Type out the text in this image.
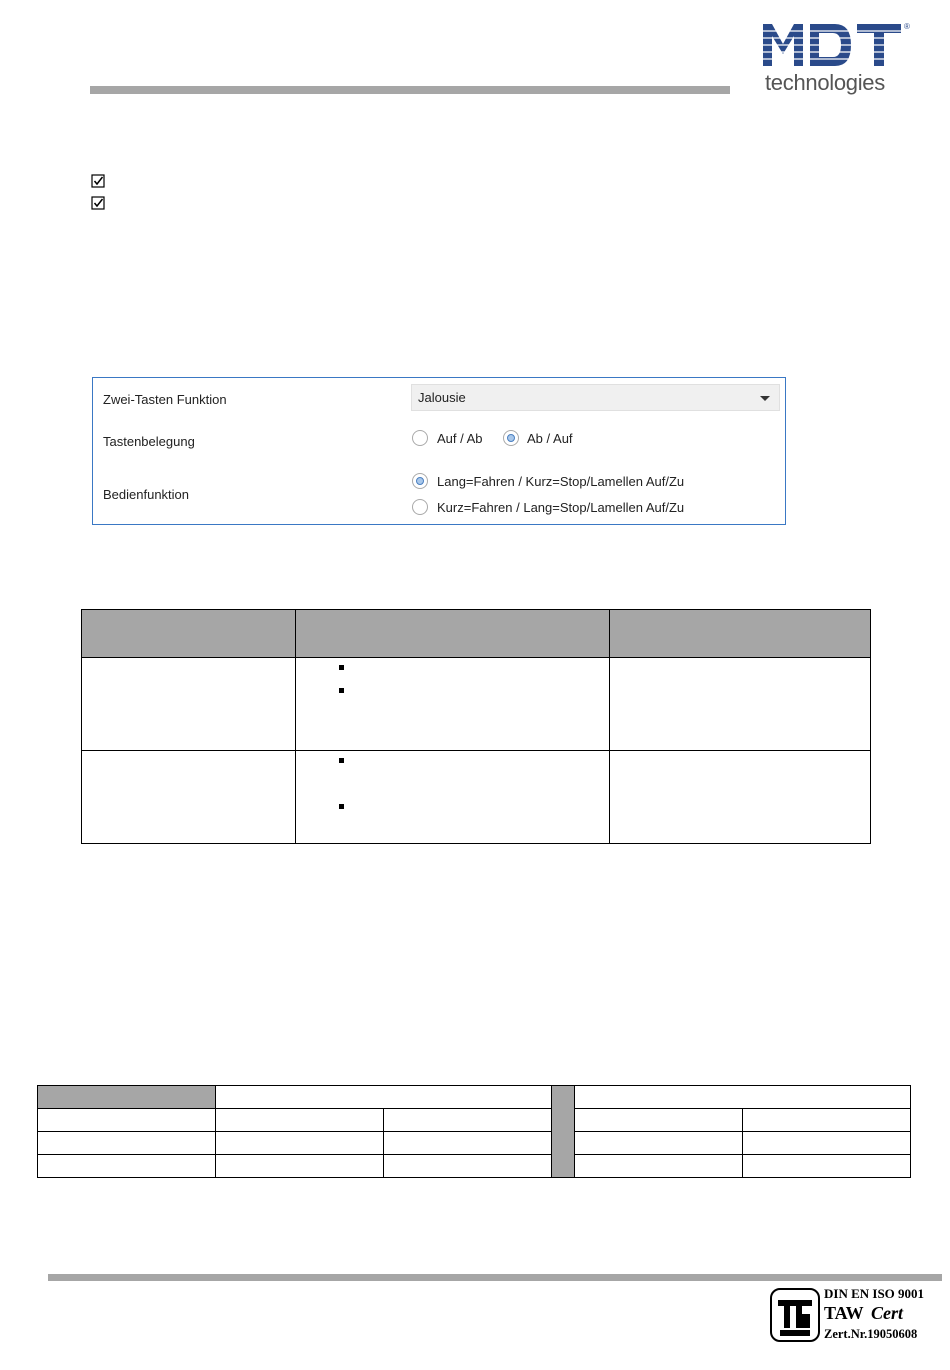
®
technologies
Zwei-Tasten Funktion	Jalousie
Tastenbelegung	Auf / Ab	Ab / Auf
Bedienfunktion
Lang=Fahren / Kurz=Stop/Lamellen Auf/Zu
Kurz=Fahren / Lang=Stop/Lamellen Auf/Zu

DIN EN ISO 9001
TAW Cert
Zert.Nr.19050608
